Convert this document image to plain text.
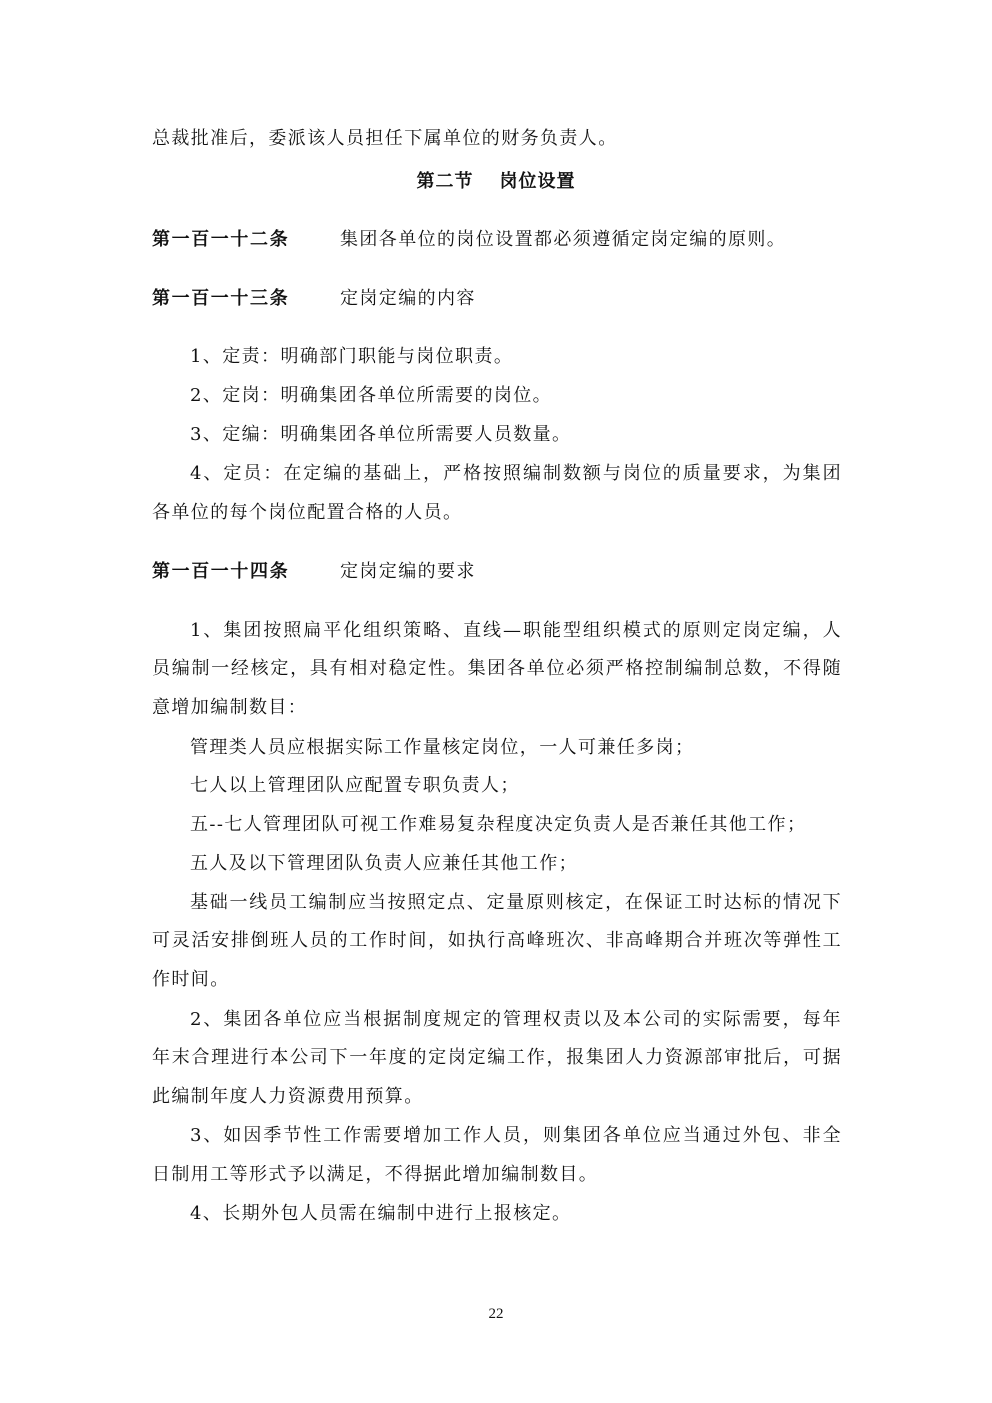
总裁批准后，委派该人员担任下属单位的财务负责人。
第二节 岗位设置
第一百一十二条	集团各单位的岗位设置都必须遵循定岗定编的原则。
第一百一十三条	定岗定编的内容
1、定责：明确部门职能与岗位职责。
2、定岗：明确集团各单位所需要的岗位。
3、定编：明确集团各单位所需要人员数量。
4、定员：在定编的基础上，严格按照编制数额与岗位的质量要求，为集团
各单位的每个岗位配置合格的人员。
第一百一十四条	定岗定编的要求
1、集团按照扁平化组织策略、直线—职能型组织模式的原则定岗定编，人
员编制一经核定，具有相对稳定性。集团各单位必须严格控制编制总数，不得随
意增加编制数目：
管理类人员应根据实际工作量核定岗位，一人可兼任多岗；
七人以上管理团队应配置专职负责人；
五--七人管理团队可视工作难易复杂程度决定负责人是否兼任其他工作；
五人及以下管理团队负责人应兼任其他工作；
基础一线员工编制应当按照定点、定量原则核定，在保证工时达标的情况下
可灵活安排倒班人员的工作时间，如执行高峰班次、非高峰期合并班次等弹性工
作时间。
2、集团各单位应当根据制度规定的管理权责以及本公司的实际需要，每年
年末合理进行本公司下一年度的定岗定编工作，报集团人力资源部审批后，可据
此编制年度人力资源费用预算。
3、如因季节性工作需要增加工作人员，则集团各单位应当通过外包、非全
日制用工等形式予以满足，不得据此增加编制数目。
4、长期外包人员需在编制中进行上报核定。
22
